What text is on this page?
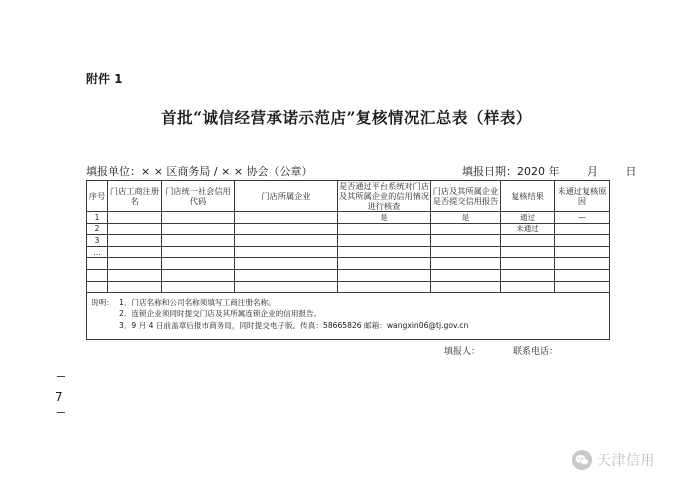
附件 1
首批“诚信经营承诺示范店”复核情况汇总表（样表）
填报单位：× × 区商务局 / × × 协会（公章）	填报日期：2020 年	月	日
序号	门店工商注册名	门店统一社会信用代码	门店所属企业	是否通过平台系统对门店及其所属企业的信用情况进行核查	门店及其所属企业是否提交信用报告	复核结果	未通过复核原因
1				是	是	通过	—
2						未通过	
3							
…							

说明： 1．门店名称和公司名称须填写工商注册名称。
2．连锁企业须同时提交门店及其所属连锁企业的信用报告。
3．9 月 4 日前盖章后报市商务局，同时提交电子版。传真：58665826 邮箱：wangxin06@tj.gov.cn							
填报人：	联系电话：
7
天津信用
